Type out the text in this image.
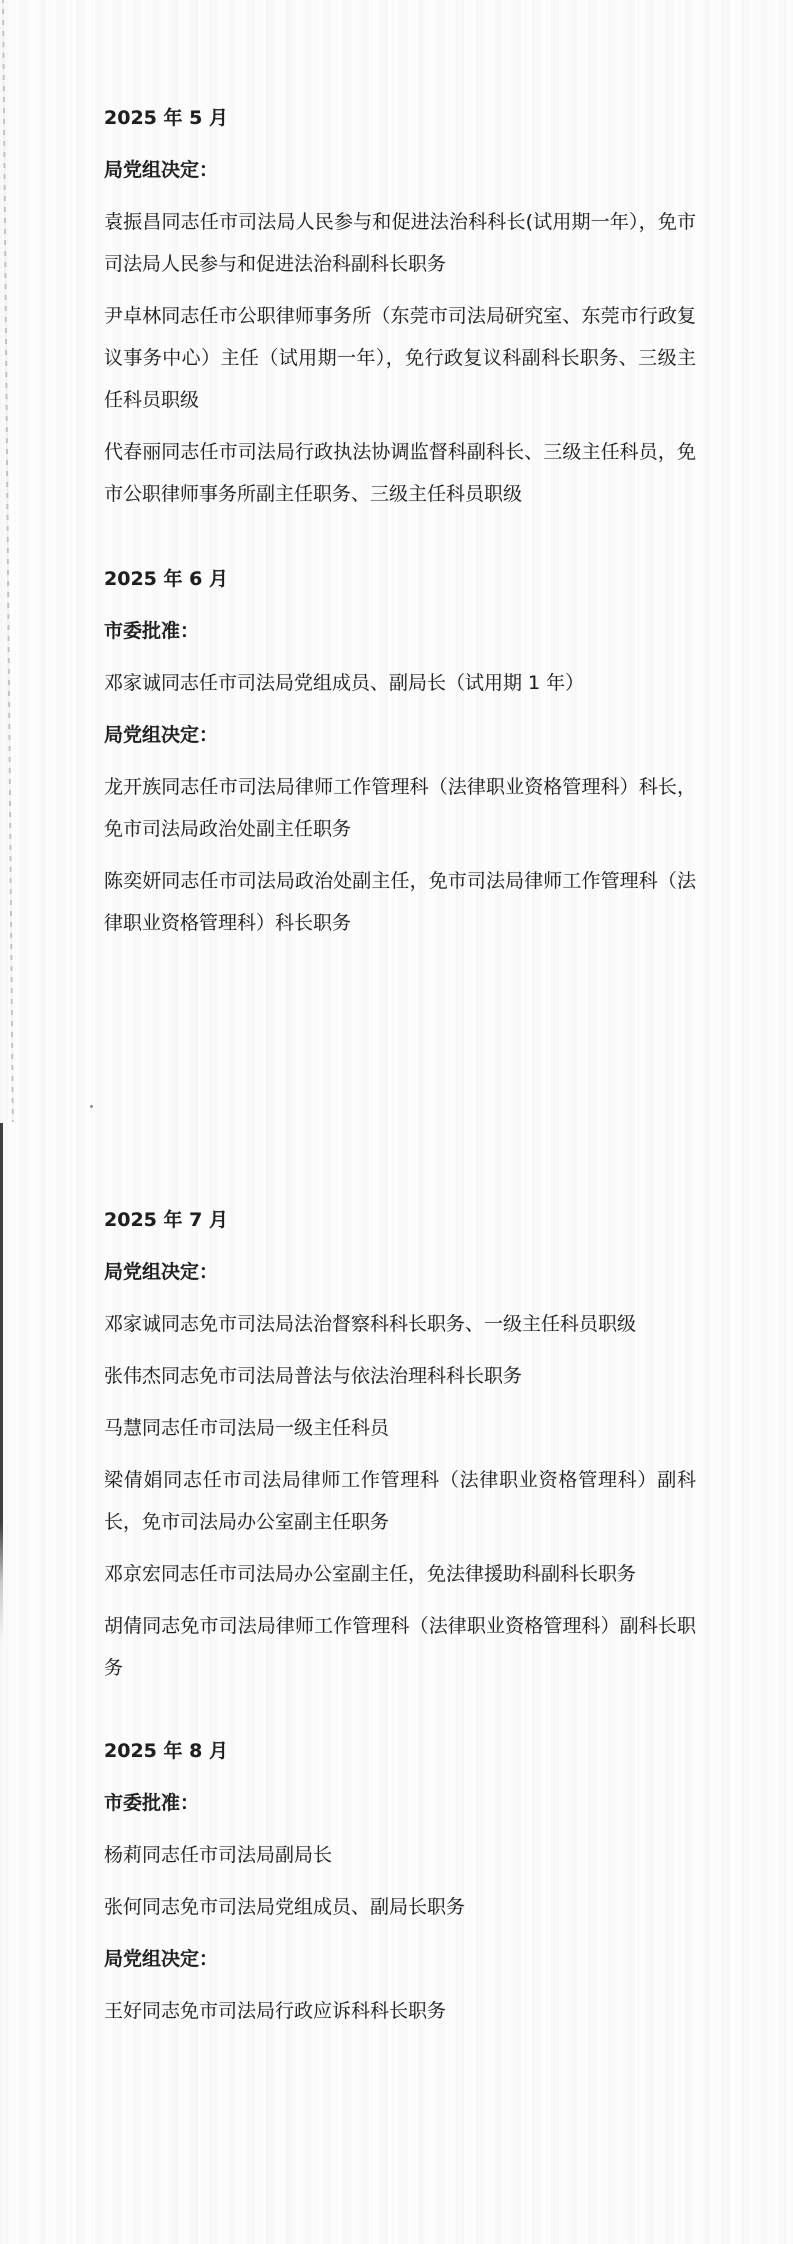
2025 年 5 月

局党组决定：

袁振昌同志任市司法局人民参与和促进法治科科长(试用期一年），免市司法局人民参与和促进法治科副科长职务

尹卓林同志任市公职律师事务所（东莞市司法局研究室、东莞市行政复议事务中心）主任（试用期一年），免行政复议科副科长职务、三级主任科员职级

代春丽同志任市司法局行政执法协调监督科副科长、三级主任科员，免市公职律师事务所副主任职务、三级主任科员职级

2025 年 6 月

市委批准：

邓家诚同志任市司法局党组成员、副局长（试用期 1 年）

局党组决定：

龙开族同志任市司法局律师工作管理科（法律职业资格管理科）科长，免市司法局政治处副主任职务

陈奕妍同志任市司法局政治处副主任，免市司法局律师工作管理科（法律职业资格管理科）科长职务

2025 年 7 月

局党组决定：

邓家诚同志免市司法局法治督察科科长职务、一级主任科员职级

张伟杰同志免市司法局普法与依法治理科科长职务

马慧同志任市司法局一级主任科员

梁倩娟同志任市司法局律师工作管理科（法律职业资格管理科）副科长，免市司法局办公室副主任职务

邓京宏同志任市司法局办公室副主任，免法律援助科副科长职务

胡倩同志免市司法局律师工作管理科（法律职业资格管理科）副科长职务

2025 年 8 月

市委批准：

杨莉同志任市司法局副局长

张何同志免市司法局党组成员、副局长职务

局党组决定：

王好同志免市司法局行政应诉科科长职务
